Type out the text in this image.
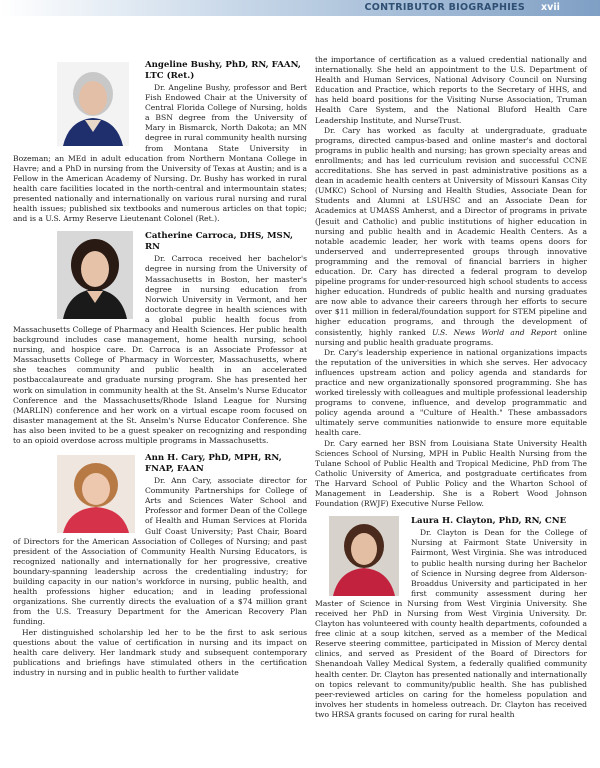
CONTRIBUTOR BIOGRAPHIES xvii
Angeline Bushy, PhD, RN, FAAN, LTC (Ret.)

Dr. Angeline Bushy, professor and Bert Fish Endowed Chair at the University of Central Florida College of Nursing, holds a BSN degree from the University of Mary in Bismarck, North Dakota; an MN degree in rural community health nursing from Montana State University in Bozeman; an MEd in adult education from Northern Montana College in Havre; and a PhD in nursing from the University of Texas at Austin; and is a Fellow in the American Academy of Nursing. Dr. Bushy has worked in rural health care facilities located in the north-central and intermountain states; presented nationally and internationally on various rural nursing and rural health issues; published six textbooks and numerous articles on that topic; and is a U.S. Army Reserve Lieutenant Colonel (Ret.).

Catherine Carroca, DHS, MSN, RN

Dr. Carroca received her bachelor's degree in nursing from the University of Massachusetts in Boston, her master's degree in nursing education from Norwich University in Vermont, and her doctorate degree in health sciences with a global public health focus from Massachusetts College of Pharmacy and Health Sciences. Her public health background includes case management, home health nursing, school nursing, and hospice care. Dr. Carroca is an Associate Professor at Massachusetts College of Pharmacy in Worcester, Massachusetts, where she teaches community and public health in an accelerated postbaccalaureate and graduate nursing program. She has presented her work on simulation in community health at the St. Anselm's Nurse Educator Conference and the Massachusetts/Rhode Island League for Nursing (MARLIN) conference and her work on a virtual escape room focused on disaster management at the St. Anselm's Nurse Educator Conference. She has also been invited to be a guest speaker on recognizing and responding to an opioid overdose across multiple programs in Massachusetts.

Ann H. Cary, PhD, MPH, RN, FNAP, FAAN

Dr. Ann Cary, associate director for Community Partnerships for College of Arts and Sciences Water School and Professor and former Dean of the College of Health and Human Services at Florida Gulf Coast University; Past Chair, Board of Directors for the American Association of Colleges of Nursing; and past president of the Association of Community Health Nursing Educators, is recognized nationally and internationally for her progressive, creative boundary-spanning leadership across the credentialing industry; for building capacity in our nation's workforce in nursing, public health, and health professions higher education; and in leading professional organizations. She currently directs the evaluation of a $74 million grant from the U.S. Treasury Department for the American Recovery Plan funding.

Her distinguished scholarship led her to be the first to ask serious questions about the value of certification in nursing and its impact on health care delivery. Her landmark study and subsequent contemporary publications and briefings have stimulated others in the certification industry in nursing and in public health to further validate

the importance of certification as a valued credential nationally and internationally. She held an appointment to the U.S. Department of Health and Human Services, National Advisory Council on Nursing Education and Practice, which reports to the Secretary of HHS, and has held board positions for the Visiting Nurse Association, Truman Health Care System, and the National Bluford Health Care Leadership Institute, and NurseTrust.

Dr. Cary has worked as faculty at undergraduate, graduate programs, directed campus-based and online master's and doctoral programs in public health and nursing; has grown specialty areas and enrollments; and has led curriculum revision and successful CCNE accreditations. She has served in past administrative positions as a dean in academic health centers at University of Missouri Kansas City (UMKC) School of Nursing and Health Studies, Associate Dean for Students and Alumni at LSUHSC and an Associate Dean for Academics at UMASS Amherst, and a Director of programs in private (Jesuit and Catholic) and public institutions of higher education in nursing and public health and in Academic Health Centers. As a notable academic leader, her work with teams opens doors for underserved and underrepresented groups through innovative programming and the removal of financial barriers in higher education. Dr. Cary has directed a federal program to develop pipeline programs for under-resourced high school students to access higher education. Hundreds of public health and nursing graduates are now able to advance their careers through her efforts to secure over $11 million in federal/foundation support for STEM pipeline and higher education programs, and through the development of consistently, highly ranked U.S. News World and Report online nursing and public health graduate programs.

Dr. Cary's leadership experience in national organizations impacts the reputation of the universities in which she serves. Her advocacy influences upstream action and policy agenda and standards for practice and new organizationally sponsored programming. She has worked tirelessly with colleagues and multiple professional leadership programs to convene, influence, and develop programmatic and policy agenda around a "Culture of Health." These ambassadors ultimately serve communities nationwide to ensure more equitable health care.

Dr. Cary earned her BSN from Louisiana State University Health Sciences School of Nursing, MPH in Public Health Nursing from the Tulane School of Public Health and Tropical Medicine, PhD from The Catholic University of America, and postgraduate certificates from The Harvard School of Public Policy and the Wharton School of Management in Leadership. She is a Robert Wood Johnson Foundation (RWJF) Executive Nurse Fellow.

Laura H. Clayton, PhD, RN, CNE

Dr. Clayton is Dean for the College of Nursing at Fairmont State University in Fairmont, West Virginia. She was introduced to public health nursing during her Bachelor of Science in Nursing degree from Alderson-Broaddus University and participated in her first community assessment during her Master of Science in Nursing from West Virginia University. She received her PhD in Nursing from West Virginia University. Dr. Clayton has volunteered with county health departments, cofounded a free clinic at a soup kitchen, served as a member of the Medical Reserve steering committee, participated in Mission of Mercy dental clinics, and served as President of the Board of Directors for Shenandoah Valley Medical System, a federally qualified community health center. Dr. Clayton has presented nationally and internationally on topics relevant to community/public health. She has published peer-reviewed articles on caring for the homeless population and involves her students in homeless outreach. Dr. Clayton has received two HRSA grants focused on caring for rural health
